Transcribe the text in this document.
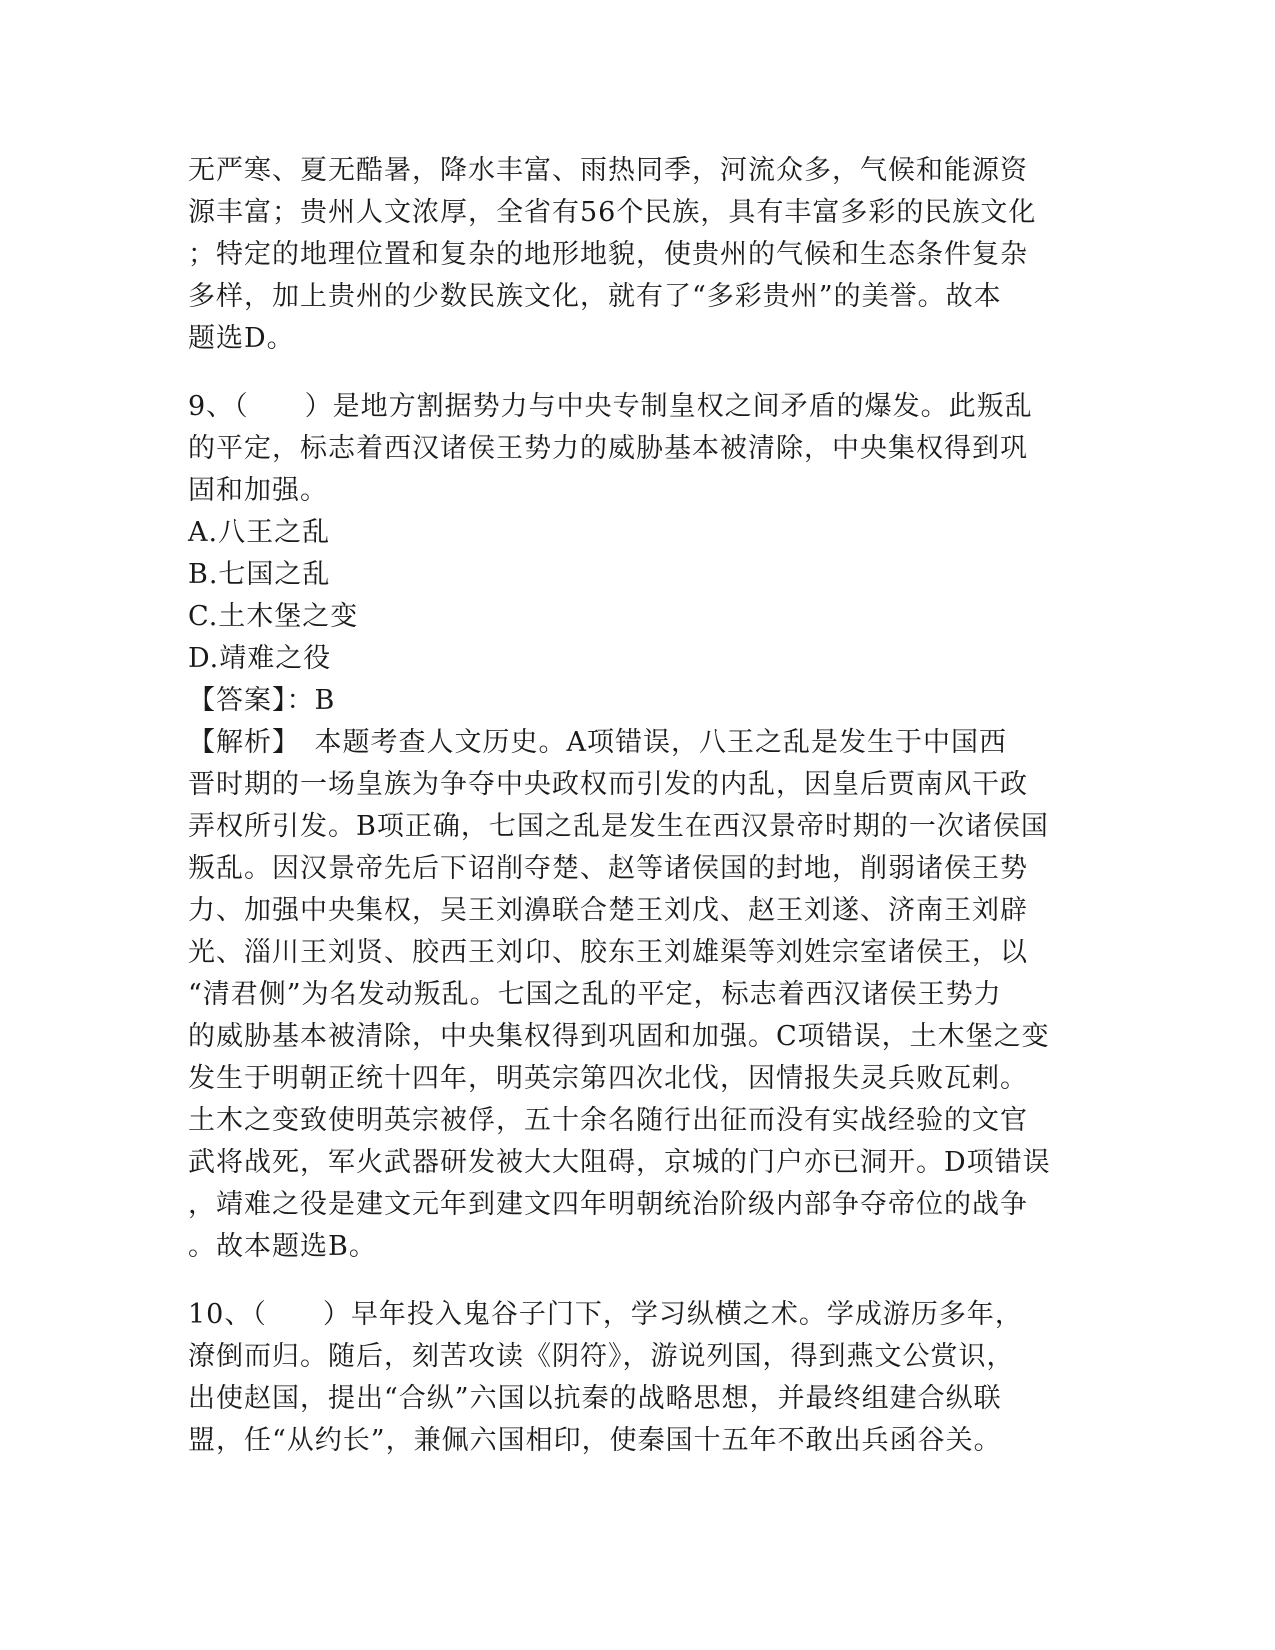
无严寒、夏无酷暑，降水丰富、雨热同季，河流众多，气候和能源资
源丰富；贵州人文浓厚，全省有56个民族，具有丰富多彩的民族文化
；特定的地理位置和复杂的地形地貌，使贵州的气候和生态条件复杂
多样，加上贵州的少数民族文化，就有了“多彩贵州”的美誉。故本
题选D。
9、（　　）是地方割据势力与中央专制皇权之间矛盾的爆发。此叛乱
的平定，标志着西汉诸侯王势力的威胁基本被清除，中央集权得到巩
固和加强。
A.八王之乱
B.七国之乱
C.土木堡之变
D.靖难之役
【答案】：B
【解析】　本题考查人文历史。A项错误，八王之乱是发生于中国西
晋时期的一场皇族为争夺中央政权而引发的内乱，因皇后贾南风干政
弄权所引发。B项正确，七国之乱是发生在西汉景帝时期的一次诸侯国
叛乱。因汉景帝先后下诏削夺楚、赵等诸侯国的封地，削弱诸侯王势
力、加强中央集权，吴王刘濞联合楚王刘戊、赵王刘遂、济南王刘辟
光、淄川王刘贤、胶西王刘卬、胶东王刘雄渠等刘姓宗室诸侯王，以
“清君侧”为名发动叛乱。七国之乱的平定，标志着西汉诸侯王势力
的威胁基本被清除，中央集权得到巩固和加强。C项错误，土木堡之变
发生于明朝正统十四年，明英宗第四次北伐，因情报失灵兵败瓦剌。
土木之变致使明英宗被俘，五十余名随行出征而没有实战经验的文官
武将战死，军火武器研发被大大阻碍，京城的门户亦已洞开。D项错误
，靖难之役是建文元年到建文四年明朝统治阶级内部争夺帝位的战争
。故本题选B。
10、（　　）早年投入鬼谷子门下，学习纵横之术。学成游历多年，
潦倒而归。随后，刻苦攻读《阴符》，游说列国，得到燕文公赏识，
出使赵国，提出“合纵”六国以抗秦的战略思想，并最终组建合纵联
盟，任“从约长”，兼佩六国相印，使秦国十五年不敢出兵函谷关。
